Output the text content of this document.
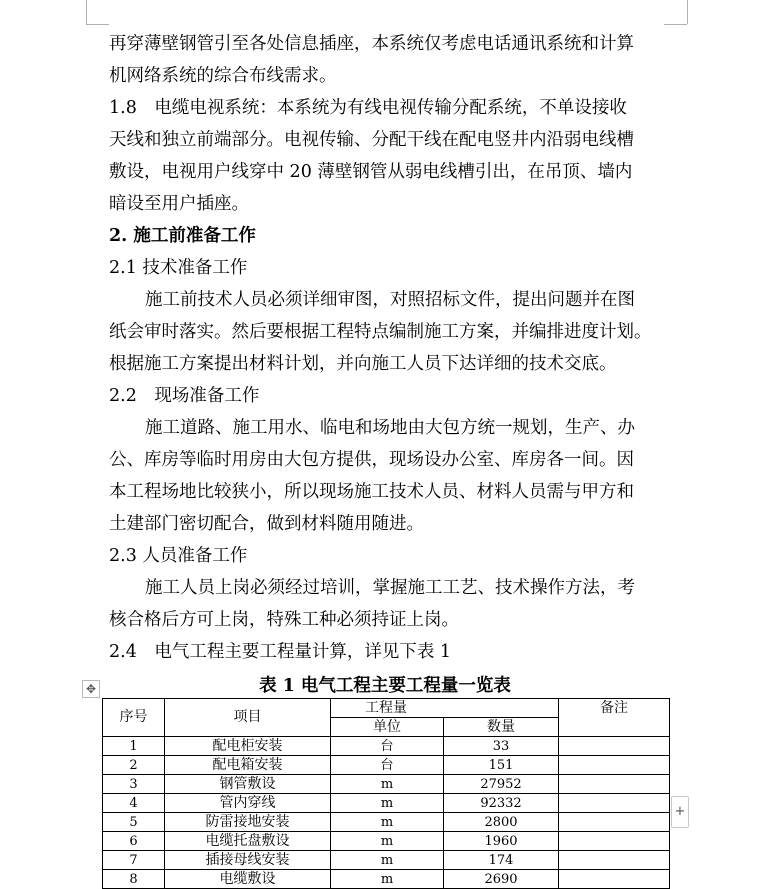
再穿薄壁钢管引至各处信息插座，本系统仅考虑电话通讯系统和计算
机网络系统的综合布线需求。
1.8　电缆电视系统：本系统为有线电视传输分配系统，不单设接收
天线和独立前端部分。电视传输、分配干线在配电竖井内沿弱电线槽
敷设，电视用户线穿中 20 薄壁钢管从弱电线槽引出，在吊顶、墙内
暗设至用户插座。
2. 施工前准备工作
2.1 技术准备工作
施工前技术人员必须详细审图，对照招标文件，提出问题并在图
纸会审时落实。然后要根据工程特点编制施工方案，并编排进度计划。
根据施工方案提出材料计划，并向施工人员下达详细的技术交底。
2.2　现场准备工作
施工道路、施工用水、临电和场地由大包方统一规划，生产、办
公、库房等临时用房由大包方提供，现场设办公室、库房各一间。因
本工程场地比较狭小，所以现场施工技术人员、材料人员需与甲方和
土建部门密切配合，做到材料随用随进。
2.3 人员准备工作
施工人员上岗必须经过培训，掌握施工工艺、技术操作方法，考
核合格后方可上岗，特殊工种必须持证上岗。
2.4　电气工程主要工程量计算，详见下表 1
表 1 电气工程主要工程量一览表
✥
序号	项目	工程量		备注
		单位	数量	
1	配电柜安装	台	33	
2	配电箱安装	台	151	
3	钢管敷设	m	27952	
4	管内穿线	m	92332	
5	防雷接地安装	m	2800	
6	电缆托盘敷设	m	1960	
7	插接母线安装	m	174	
8	电缆敷设	m	2690	
+
